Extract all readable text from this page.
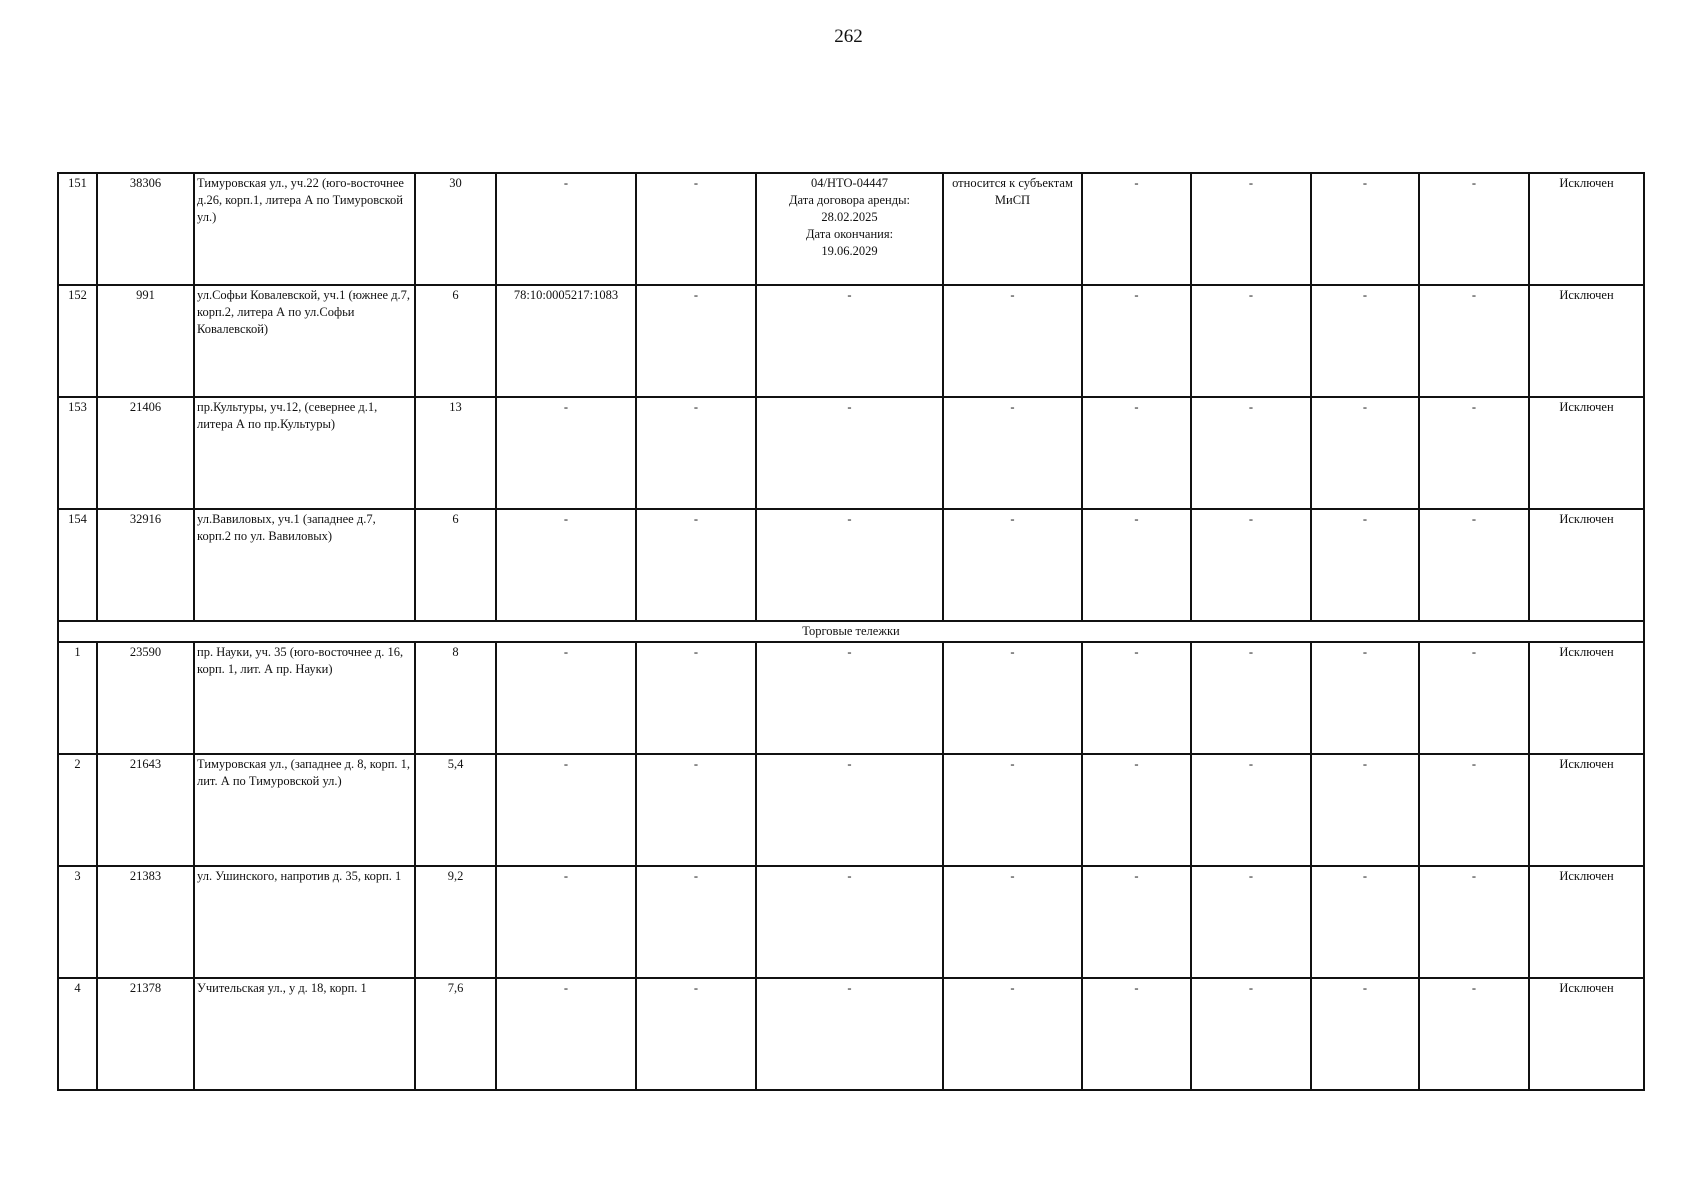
262
151	38306	Тимуровская ул., уч.22 (юго-восточнее д.26, корп.1, литера А по Тимуровской ул.)	30	-	-	04/НТО-04447
Дата договора аренды:
28.02.2025
Дата окончания:
19.06.2029	относится к субъектам МиСП	-	-	-	-	Исключен
152	991	ул.Софьи Ковалевской, уч.1 (южнее д.7, корп.2, литера А по ул.Софьи Ковалевской)	6	78:10:0005217:1083	-	-	-	-	-	-	-	Исключен
153	21406	пр.Культуры, уч.12, (севернее д.1, литера А по пр.Культуры)	13	-	-	-	-	-	-	-	-	Исключен
154	32916	ул.Вавиловых, уч.1 (западнее д.7, корп.2 по ул. Вавиловых)	6	-	-	-	-	-	-	-	-	Исключен
Торговые тележки												
1	23590	пр. Науки, уч. 35 (юго-восточнее д. 16, корп. 1, лит. А пр. Науки)	8	-	-	-	-	-	-	-	-	Исключен
2	21643	Тимуровская ул., (западнее д. 8, корп. 1, лит. А по Тимуровской ул.)	5,4	-	-	-	-	-	-	-	-	Исключен
3	21383	ул. Ушинского, напротив д. 35, корп. 1	9,2	-	-	-	-	-	-	-	-	Исключен
4	21378	Учительская ул., у д. 18, корп. 1	7,6	-	-	-	-	-	-	-	-	Исключен
